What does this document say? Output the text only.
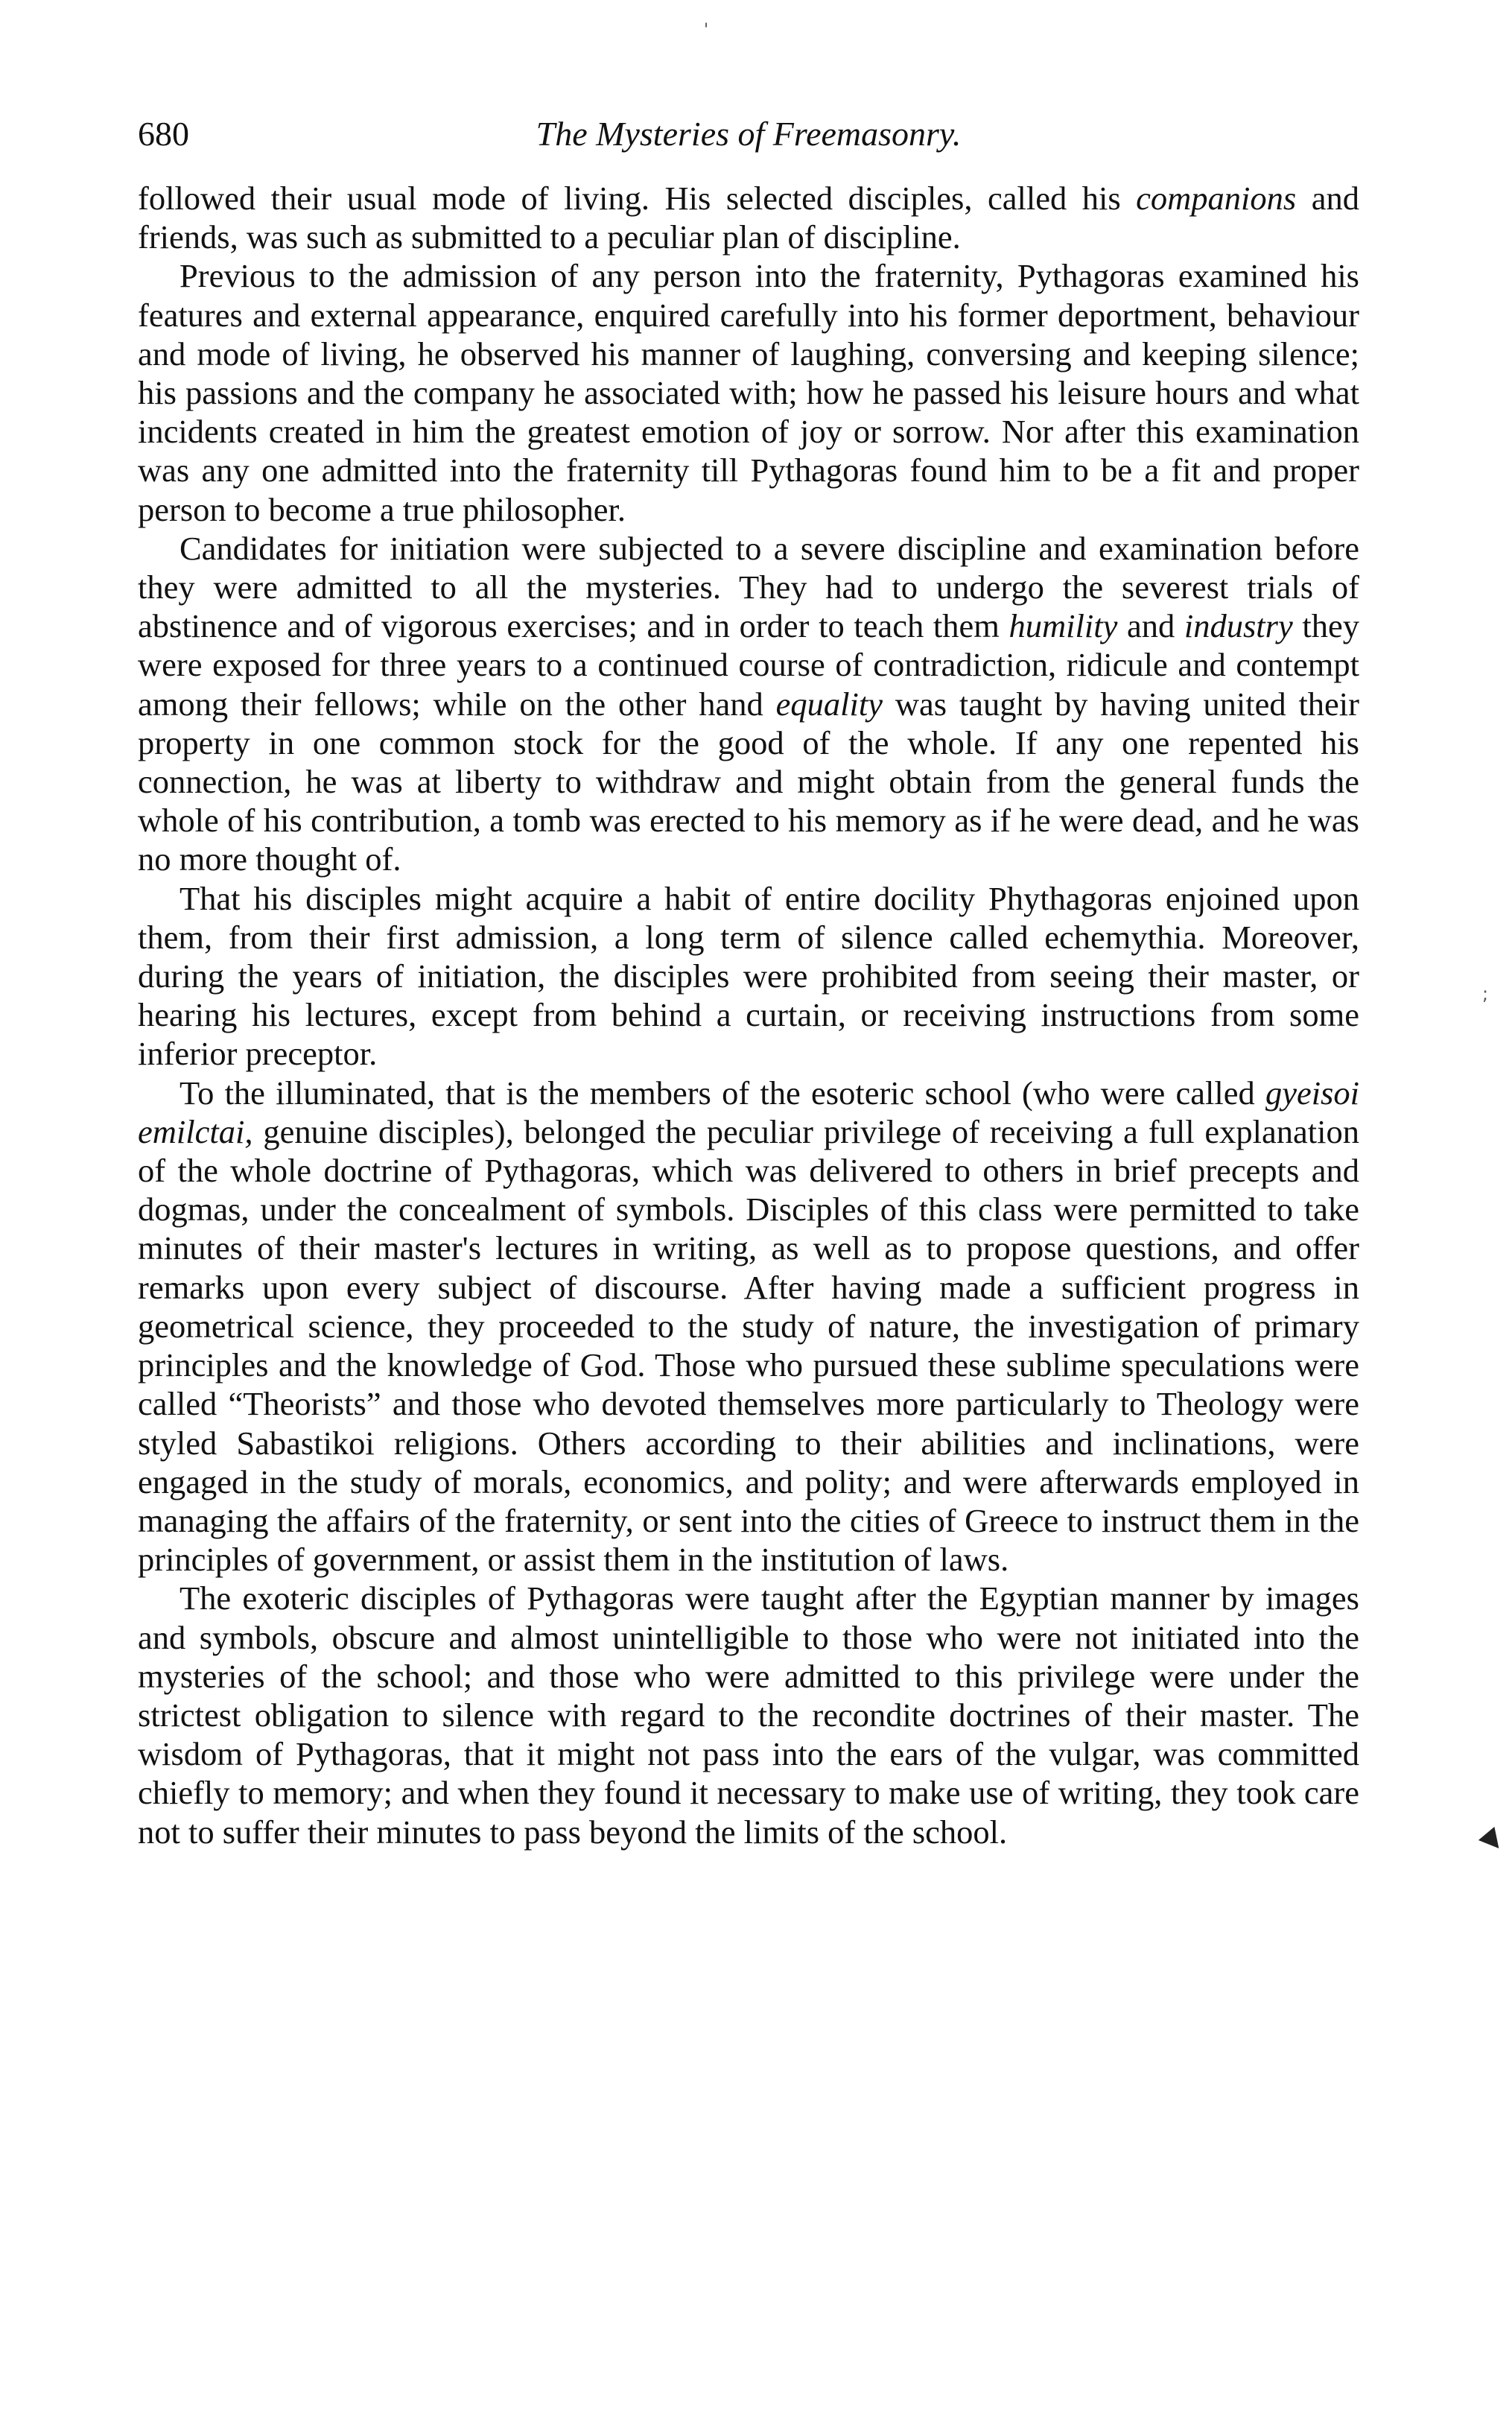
'
680	The Mysteries of Freemasonry.

followed their usual mode of living. His selected disciples, called his companions and friends, was such as submitted to a peculiar plan of discipline.

Previous to the admission of any person into the fraternity, Pythagoras examined his features and external appearance, enquired carefully into his former deportment, behaviour and mode of living, he observed his manner of laughing, conversing and keeping silence; his passions and the company he associated with; how he passed his leisure hours and what incidents created in him the greatest emotion of joy or sorrow. Nor after this examination was any one admitted into the fraternity till Pythagoras found him to be a fit and proper person to become a true philosopher.

Candidates for initiation were subjected to a severe discipline and examination before they were admitted to all the mysteries. They had to undergo the severest trials of abstinence and of vigorous exercises; and in order to teach them humility and industry they were exposed for three years to a continued course of contradiction, ridicule and contempt among their fellows; while on the other hand equality was taught by having united their property in one common stock for the good of the whole. If any one repented his connection, he was at liberty to withdraw and might obtain from the general funds the whole of his contribution, a tomb was erected to his memory as if he were dead, and he was no more thought of.

That his disciples might acquire a habit of entire docility Phythagoras enjoined upon them, from their first admission, a long term of silence called echemythia. Moreover, during the years of initiation, the disciples were prohibited from seeing their master, or hearing his lectures, except from behind a curtain, or receiving instructions from some inferior preceptor.

To the illuminated, that is the members of the esoteric school (who were called gyeisoi emilctai, genuine disciples), belonged the peculiar privilege of receiving a full explanation of the whole doctrine of Pythagoras, which was delivered to others in brief precepts and dogmas, under the concealment of symbols. Disciples of this class were permitted to take minutes of their master's lectures in writing, as well as to propose questions, and offer remarks upon every subject of discourse. After having made a sufficient progress in geometrical science, they proceeded to the study of nature, the investigation of primary principles and the knowledge of God. Those who pursued these sublime speculations were called “Theorists” and those who devoted themselves more particularly to Theology were styled Sabastikoi religions. Others according to their abilities and inclinations, were engaged in the study of morals, economics, and polity; and were afterwards employed in managing the affairs of the fraternity, or sent into the cities of Greece to instruct them in the principles of government, or assist them in the institution of laws.

The exoteric disciples of Pythagoras were taught after the Egyptian manner by images and symbols, obscure and almost unintelligible to those who were not initiated into the mysteries of the school; and those who were admitted to this privilege were under the strictest obligation to silence with regard to the recondite doctrines of their master. The wisdom of Pythagoras, that it might not pass into the ears of the vulgar, was committed chiefly to memory; and when they found it necessary to make use of writing, they took care not to suffer their minutes to pass beyond the limits of the school.

;
